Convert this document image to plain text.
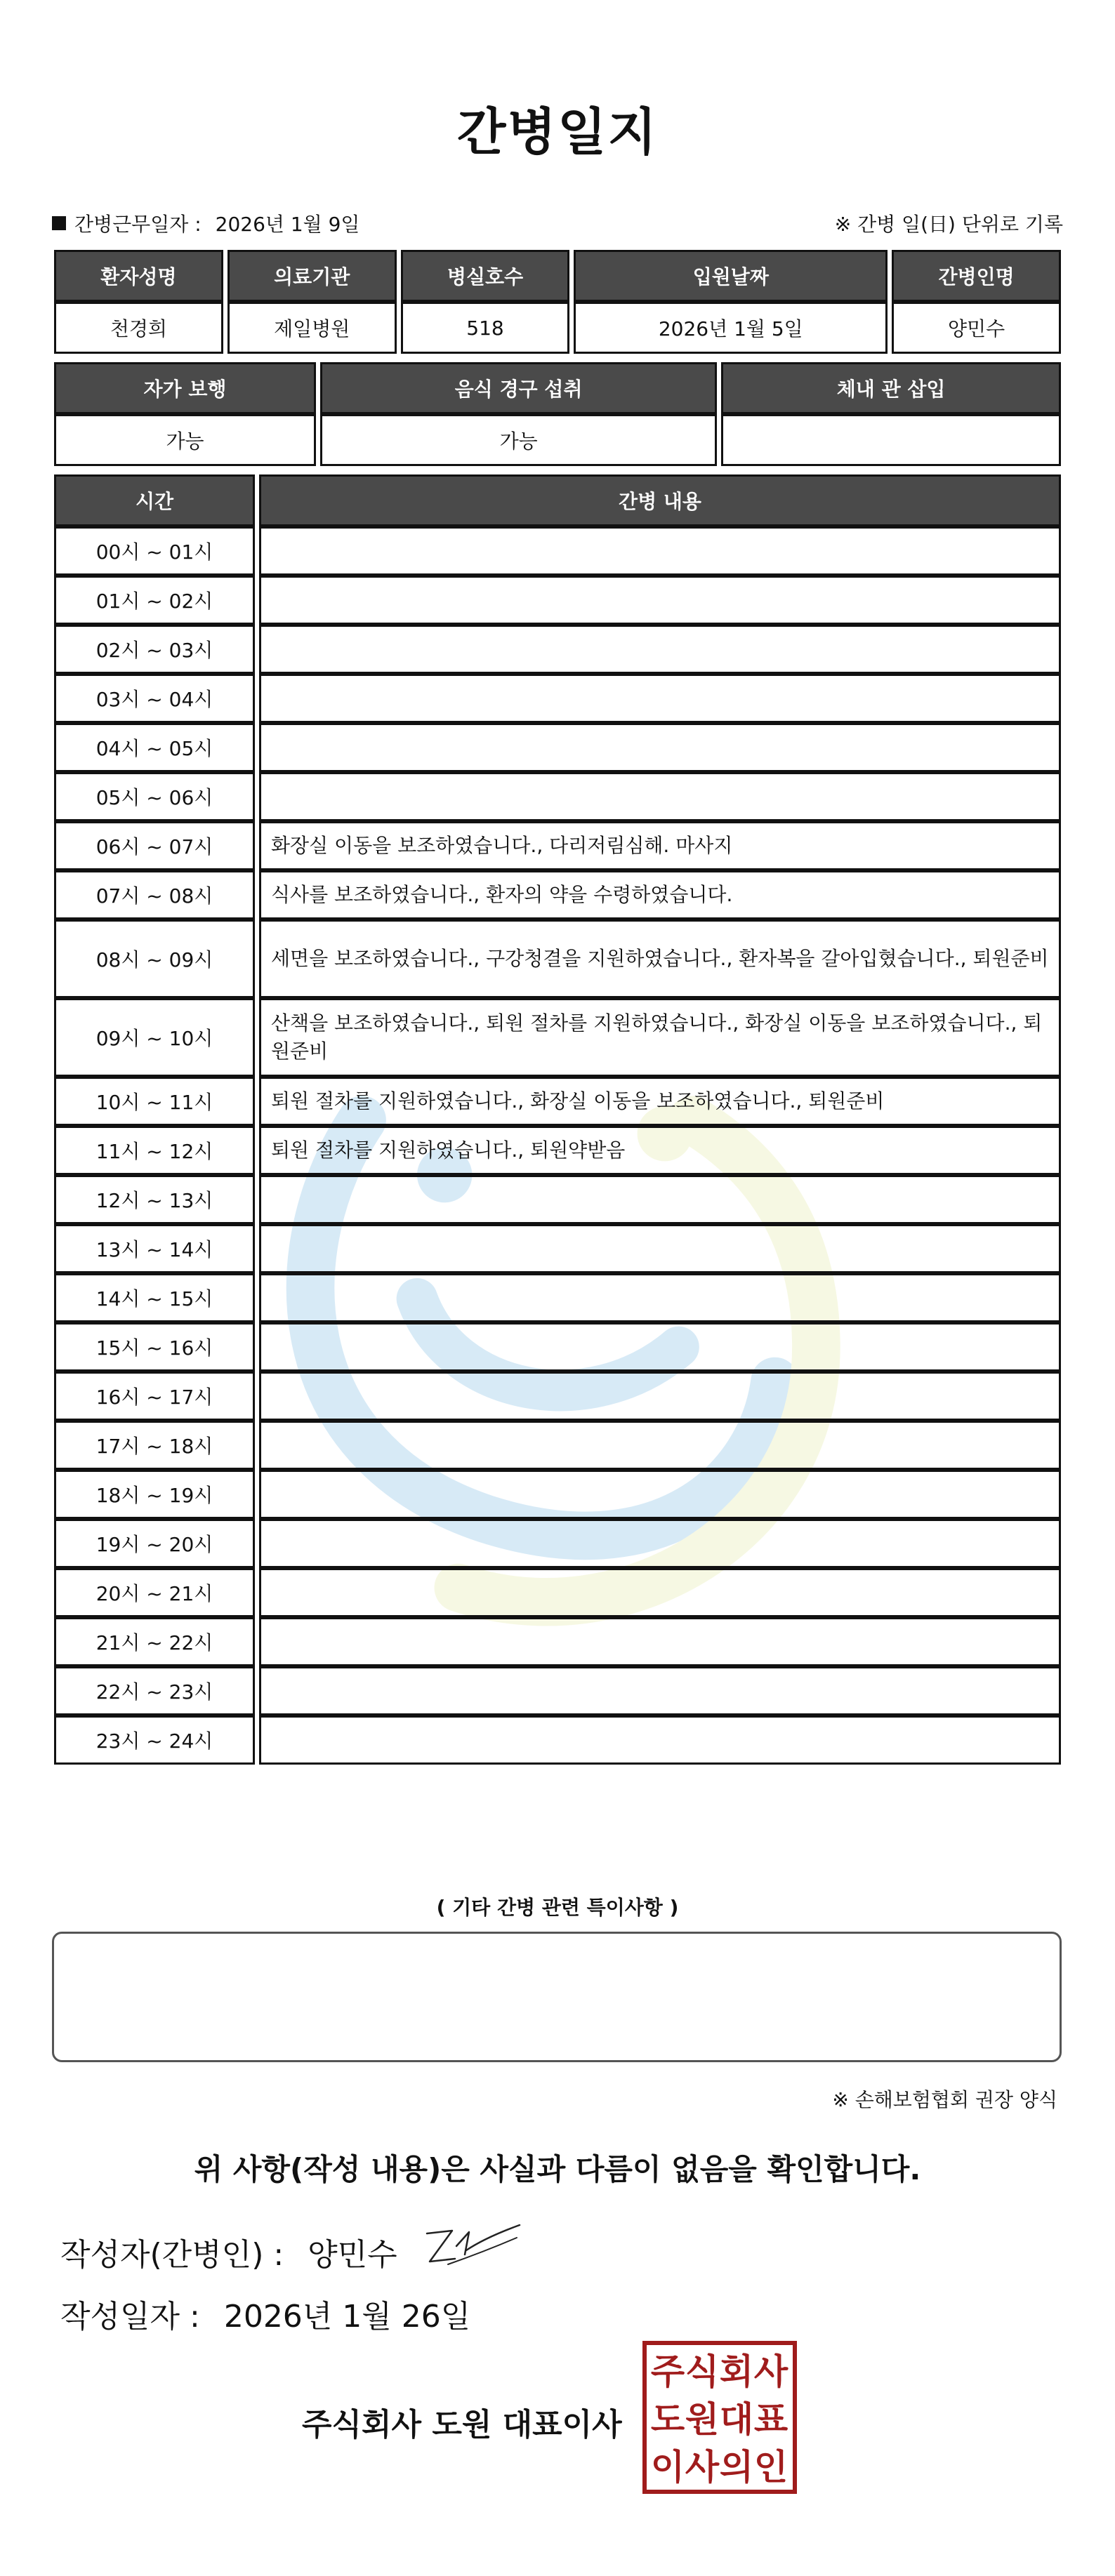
간병일지
간병근무일자 : 2026년 1월 9일	※ 간병 일(日) 단위로 기록
환자성명	의료기관	병실호수	입원날짜	간병인명
천경희	제일병원	518	2026년 1월 5일	양민수
자가 보행	음식 경구 섭취	체내 관 삽입
가능	가능	
시간	간병 내용
00시 ~ 01시	
01시 ~ 02시	
02시 ~ 03시	
03시 ~ 04시	
04시 ~ 05시	
05시 ~ 06시	
06시 ~ 07시	화장실 이동을 보조하였습니다., 다리저림심해. 마사지
07시 ~ 08시	식사를 보조하였습니다., 환자의 약을 수령하였습니다.
08시 ~ 09시	세면을 보조하였습니다., 구강청결을 지원하였습니다., 환자복을 갈아입혔습니다., 퇴원준비
09시 ~ 10시	산책을 보조하였습니다., 퇴원 절차를 지원하였습니다., 화장실 이동을 보조하였습니다., 퇴원준비
10시 ~ 11시	퇴원 절차를 지원하였습니다., 화장실 이동을 보조하였습니다., 퇴원준비
11시 ~ 12시	퇴원 절차를 지원하였습니다., 퇴원약받음
12시 ~ 13시	
13시 ~ 14시	
14시 ~ 15시	
15시 ~ 16시	
16시 ~ 17시	
17시 ~ 18시	
18시 ~ 19시	
19시 ~ 20시	
20시 ~ 21시	
21시 ~ 22시	
22시 ~ 23시	
23시 ~ 24시	
( 기타 간병 관련 특이사항 )
※ 손해보험협회 권장 양식
위 사항(작성 내용)은 사실과 다름이 없음을 확인합니다.
작성자(간병인) : 양민수
작성일자 : 2026년 1월 26일
주식회사 도원 대표이사
주 식 회 사
도 원 대 표
이 사 의 인
